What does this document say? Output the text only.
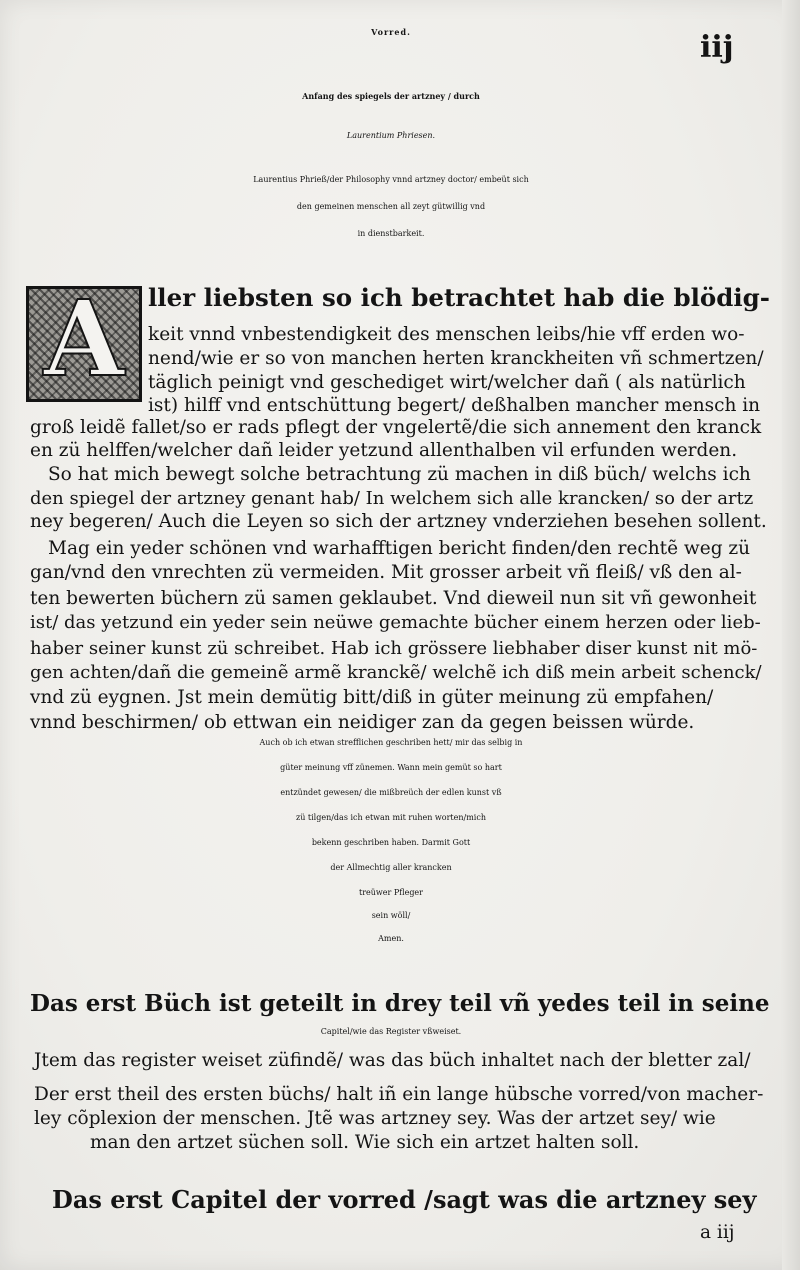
Vorred.	iij
Anfang des spiegels der artzney / durch
Laurentium Phriesen.
Laurentius Phrieß/der Philosophy vnnd artzney doctor/ embeüt sich
den gemeinen menschen all zeyt gütwillig vnd
in dienstbarkeit.
A ller liebsten so ich betrachtet hab die blödig-
keit vnnd vnbestendigkeit des menschen leibs/hie vff erden wo-
nend/wie er so von manchen herten kranckheiten vñ schmertzen/
täglich peinigt vnd geschediget wirt/welcher dañ ( als natürlich
ist) hilff vnd entschüttung begert/ deßhalben mancher mensch in
groß leidẽ fallet/so er rads pflegt der vngelertẽ/die sich annement den kranck
en zü helffen/welcher dañ leider yetzund allenthalben vil erfunden werden.
So hat mich bewegt solche betrachtung zü machen in diß büch/ welchs ich
den spiegel der artzney genant hab/ In welchem sich alle krancken/ so der artz
ney begeren/ Auch die Leyen so sich der artzney vnderziehen besehen sollent.
Mag ein yeder schönen vnd warhafftigen bericht finden/den rechtẽ weg zü
gan/vnd den vnrechten zü vermeiden. Mit grosser arbeit vñ fleiß/ vß den al-
ten bewerten büchern zü samen geklaubet. Vnd dieweil nun sit vñ gewonheit
ist/ das yetzund ein yeder sein neüwe gemachte bücher einem herzen oder lieb-
haber seiner kunst zü schreibet. Hab ich grössere liebhaber diser kunst nit mö-
gen achten/dañ die gemeinẽ armẽ kranckẽ/ welchẽ ich diß mein arbeit schenck/
vnd zü eygnen. Jst mein demütig bitt/diß in güter meinung zü empfahen/
vnnd beschirmen/ ob ettwan ein neidiger zan da gegen beissen würde.
Auch ob ich etwan strefflichen geschriben hett/ mir das selbig in
güter meinung vff zünemen. Wann mein gemüt so hart
entzündet gewesen/ die mißbreüch der edlen kunst vß
zü tilgen/das ich etwan mit ruhen worten/mich
bekenn geschriben haben. Darmit Gott
der Allmechtig aller krancken
treüwer Pfleger
sein wöll/
Amen.
Das erst Büch ist geteilt in drey teil vñ yedes teil in seine
Capitel/wie das Register vßweiset.
Jtem das register weiset züfindẽ/ was das büch inhaltet nach der bletter zal/
Der erst theil des ersten büchs/ halt iñ ein lange hübsche vorred/von macher-
ley cõplexion der menschen. Jtẽ was artzney sey. Was der artzet sey/ wie
man den artzet süchen soll. Wie sich ein artzet halten soll.
Das erst Capitel der vorred /sagt was die artzney sey
a iij
